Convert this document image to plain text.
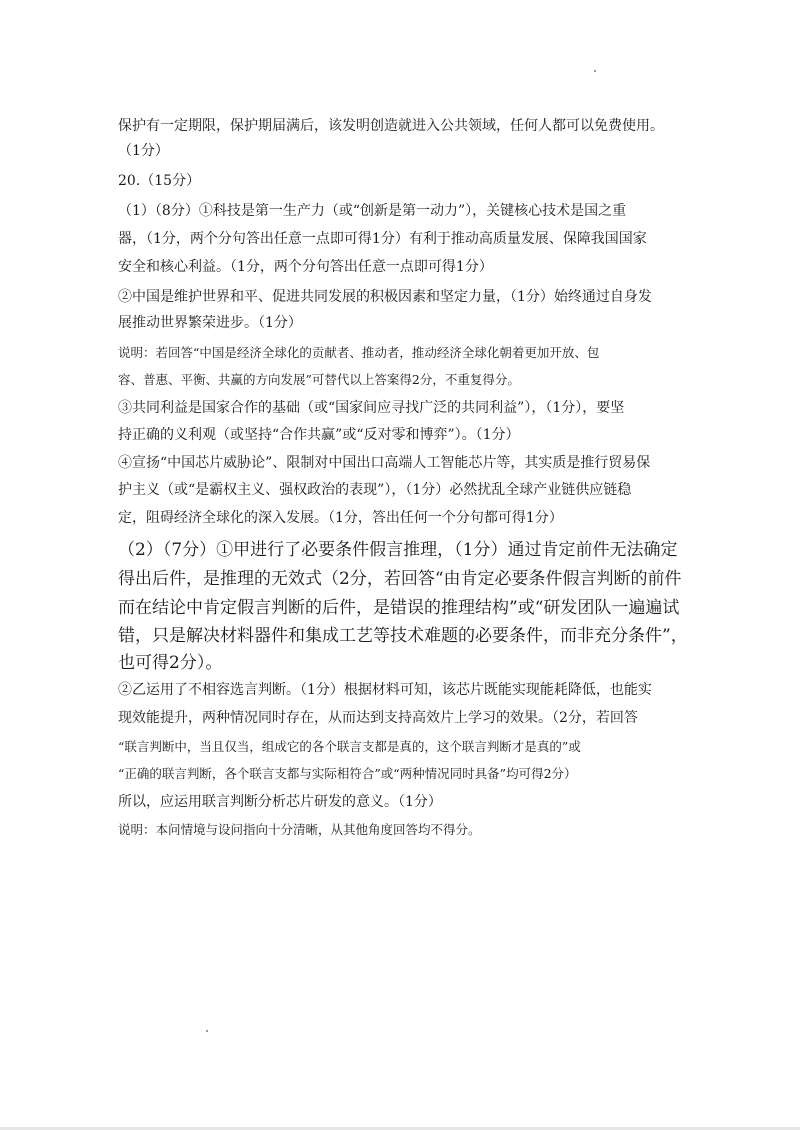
保护有一定期限，保护期届满后，该发明创造就进入公共领域，任何人都可以免费使用。
（1分）
20.（15分）
（1）（8分）①科技是第一生产力（或“创新是第一动力”），关键核心技术是国之重
器，（1分，两个分句答出任意一点即可得1分）有利于推动高质量发展、保障我国国家
安全和核心利益。（1分，两个分句答出任意一点即可得1分）
②中国是维护世界和平、促进共同发展的积极因素和坚定力量，（1分）始终通过自身发
展推动世界繁荣进步。（1分）
说明：若回答“中国是经济全球化的贡献者、推动者，推动经济全球化朝着更加开放、包
容、普惠、平衡、共赢的方向发展”可替代以上答案得2分，不重复得分。
③共同利益是国家合作的基础（或“国家间应寻找广泛的共同利益”），（1分），要坚
持正确的义利观（或坚持“合作共赢”或“反对零和博弈”）。（1分）
④宣扬“中国芯片威胁论”、限制对中国出口高端人工智能芯片等，其实质是推行贸易保
护主义（或“是霸权主义、强权政治的表现”），（1分）必然扰乱全球产业链供应链稳
定，阻碍经济全球化的深入发展。（1分，答出任何一个分句都可得1分）
（2）（7分）①甲进行了必要条件假言推理，（1分）通过肯定前件无法确定
得出后件，是推理的无效式（2分，若回答“由肯定必要条件假言判断的前件
而在结论中肯定假言判断的后件，是错误的推理结构”或“研发团队一遍遍试
错，只是解决材料器件和集成工艺等技术难题的必要条件，而非充分条件”，
也可得2分）。
②乙运用了不相容选言判断。（1分）根据材料可知，该芯片既能实现能耗降低，也能实
现效能提升，两种情况同时存在，从而达到支持高效片上学习的效果。（2分，若回答
“联言判断中，当且仅当，组成它的各个联言支都是真的，这个联言判断才是真的”或
“正确的联言判断，各个联言支都与实际相符合”或“两种情况同时具备”均可得2分）
所以，应运用联言判断分析芯片研发的意义。（1分）
说明：本问情境与设问指向十分清晰，从其他角度回答均不得分。
